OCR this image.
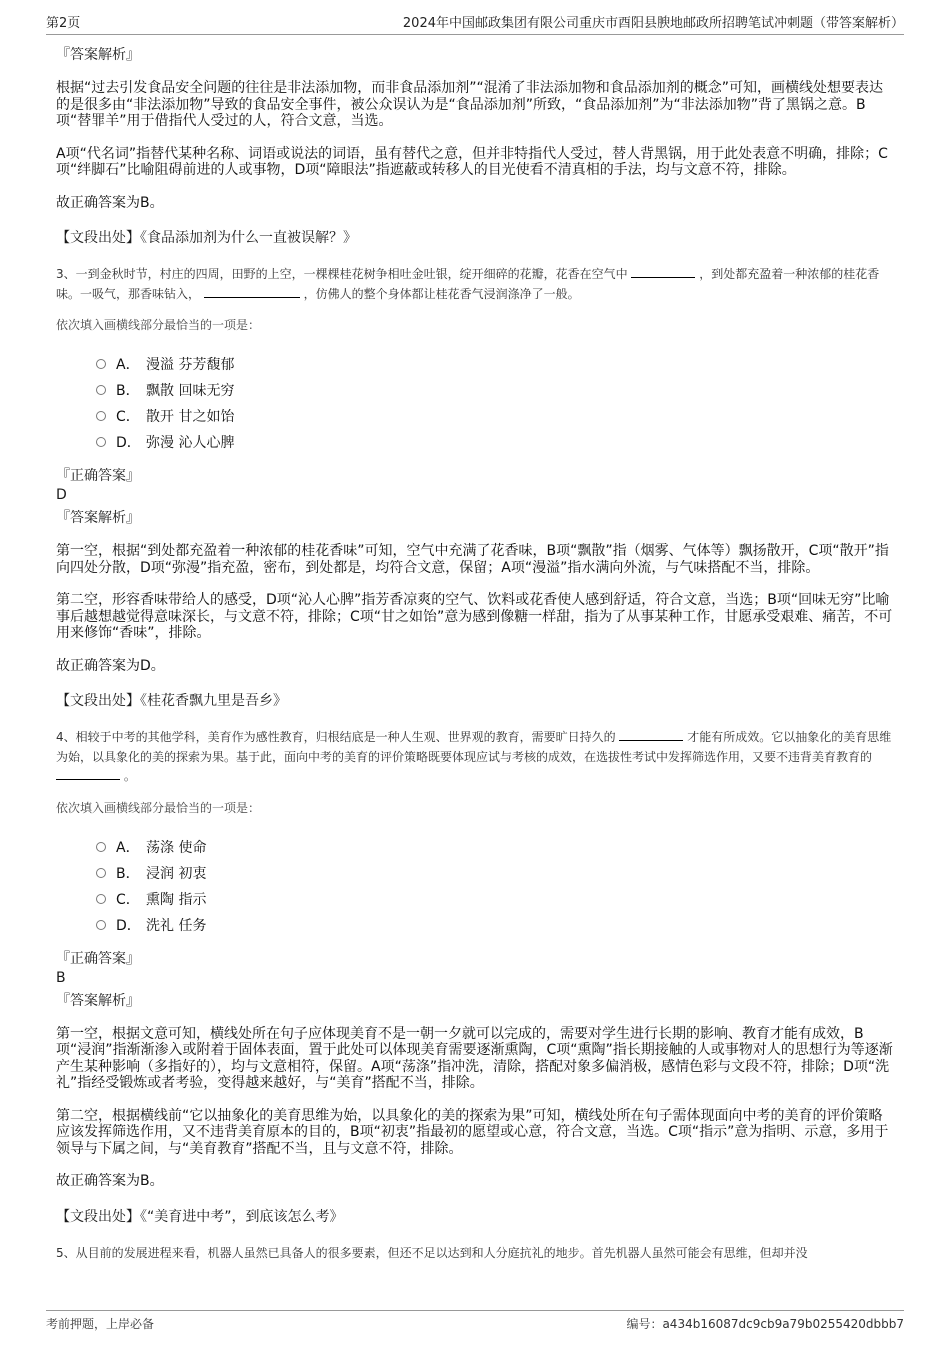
第2页	2024年中国邮政集团有限公司重庆市酉阳县腴地邮政所招聘笔试冲刺题（带答案解析）
『答案解析』
根据“过去引发食品安全问题的往往是非法添加物，而非食品添加剂”“混淆了非法添加物和食品添加剂的概念”可知，画横线处想要表达的是很多由“非法添加物”导致的食品安全事件，被公众误认为是“食品添加剂”所致，“食品添加剂”为“非法添加物”背了黑锅之意。B项“替罪羊”用于借指代人受过的人，符合文意，当选。
A项“代名词”指替代某种名称、词语或说法的词语，虽有替代之意，但并非特指代人受过，替人背黑锅，用于此处表意不明确，排除；C项“绊脚石”比喻阻碍前进的人或事物，D项“障眼法”指遮蔽或转移人的目光使看不清真相的手法，均与文意不符，排除。
故正确答案为B。
【文段出处】《食品添加剂为什么一直被误解？》
3、一到金秋时节，村庄的四周，田野的上空，一棵棵桂花树争相吐金吐银，绽开细碎的花瓣，花香在空气中	，到处都充盈着一种浓郁的桂花香味。一吸气，那香味钻入，	，仿佛人的整个身体都让桂花香气浸润涤净了一般。
依次填入画横线部分最恰当的一项是：
A． 漫溢 芬芳馥郁
B． 飘散 回味无穷
C． 散开 甘之如饴
D． 弥漫 沁人心脾
『正确答案』
D
『答案解析』
第一空，根据“到处都充盈着一种浓郁的桂花香味”可知，空气中充满了花香味，B项“飘散”指（烟雾、气体等）飘扬散开，C项“散开”指向四处分散，D项“弥漫”指充盈，密布，到处都是，均符合文意，保留；A项“漫溢”指水满向外流，与气味搭配不当，排除。
第二空，形容香味带给人的感受，D项“沁人心脾”指芳香凉爽的空气、饮料或花香使人感到舒适，符合文意，当选；B项“回味无穷”比喻事后越想越觉得意味深长，与文意不符，排除；C项“甘之如饴”意为感到像糖一样甜，指为了从事某种工作，甘愿承受艰难、痛苦，不可用来修饰“香味”，排除。
故正确答案为D。
【文段出处】《桂花香飘九里是吾乡》
4、相较于中考的其他学科，美育作为感性教育，归根结底是一种人生观、世界观的教育，需要旷日持久的	才能有所成效。它以抽象化的美育思维为始，以具象化的美的探索为果。基于此，面向中考的美育的评价策略既要体现应试与考核的成效，在选拔性考试中发挥筛选作用，又要不违背美育教育的  。
依次填入画横线部分最恰当的一项是：
A． 荡涤 使命
B． 浸润 初衷
C． 熏陶 指示
D． 洗礼 任务
『正确答案』
B
『答案解析』
第一空，根据文意可知，横线处所在句子应体现美育不是一朝一夕就可以完成的，需要对学生进行长期的影响、教育才能有成效，B项“浸润”指渐渐渗入或附着于固体表面，置于此处可以体现美育需要逐渐熏陶，C项“熏陶”指长期接触的人或事物对人的思想行为等逐渐产生某种影响（多指好的），均与文意相符，保留。A项“荡涤”指冲洗，清除，搭配对象多偏消极，感情色彩与文段不符，排除；D项“洗礼”指经受锻炼或者考验，变得越来越好，与“美育”搭配不当，排除。
第二空，根据横线前“它以抽象化的美育思维为始，以具象化的美的探索为果”可知，横线处所在句子需体现面向中考的美育的评价策略应该发挥筛选作用，又不违背美育原本的目的，B项“初衷”指最初的愿望或心意，符合文意，当选。C项“指示”意为指明、示意，多用于领导与下属之间，与“美育教育”搭配不当，且与文意不符，排除。
故正确答案为B。
【文段出处】《“美育进中考”，到底该怎么考》
5、从目前的发展进程来看，机器人虽然已具备人的很多要素，但还不足以达到和人分庭抗礼的地步。首先机器人虽然可能会有思维，但却并没
考前押题，上岸必备	编号：a434b16087dc9cb9a79b0255420dbbb7
